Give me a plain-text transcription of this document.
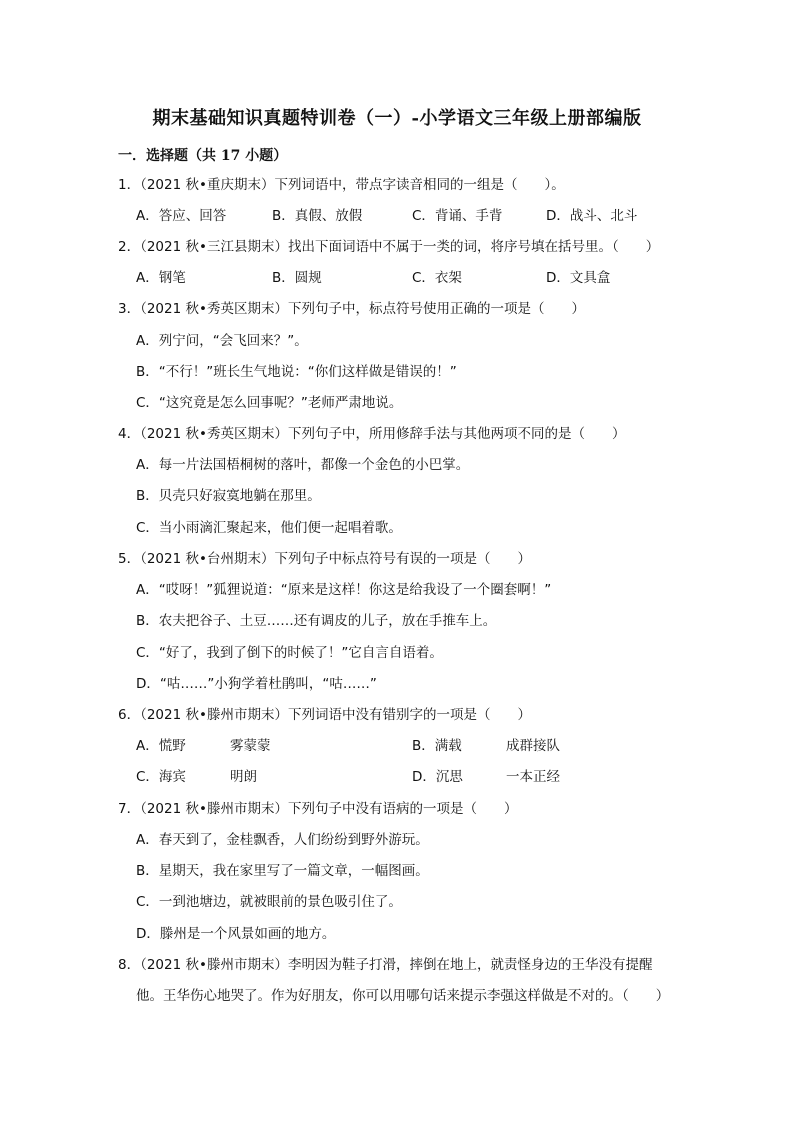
期末基础知识真题特训卷（一）-小学语文三年级上册部编版
一．选择题（共 17 小题）
1．（2021 秋•重庆期末）下列词语中，带点字读音相同的一组是（　　）。
A．答应、回答	B．真假、放假	C．背诵、手背	D．战斗、北斗
2．（2021 秋•三江县期末）找出下面词语中不属于一类的词，将序号填在括号里。（　　）
A．钢笔	B．圆规	C．衣架	D．文具盒
3．（2021 秋•秀英区期末）下列句子中，标点符号使用正确的一项是（　　）
A．列宁问，“会飞回来？”。
B．“不行！”班长生气地说：“你们这样做是错误的！”
C．“这究竟是怎么回事呢？”老师严肃地说。
4．（2021 秋•秀英区期末）下列句子中，所用修辞手法与其他两项不同的是（　　）
A．每一片法国梧桐树的落叶，都像一个金色的小巴掌。
B．贝壳只好寂寞地躺在那里。
C．当小雨滴汇聚起来，他们便一起唱着歌。
5．（2021 秋•台州期末）下列句子中标点符号有误的一项是（　　）
A．“哎呀！”狐狸说道：“原来是这样！你这是给我设了一个圈套啊！”
B．农夫把谷子、土豆……还有调皮的儿子，放在手推车上。
C．“好了，我到了倒下的时候了！”它自言自语着。
D．“咕……”小狗学着杜鹃叫，“咕……”
6．（2021 秋•滕州市期末）下列词语中没有错别字的一项是（　　）
A．慌野	雾蒙蒙	B．满载	成群接队
C．海宾	明朗	D．沉思	一本正经
7．（2021 秋•滕州市期末）下列句子中没有语病的一项是（　　）
A．春天到了，金桂飘香，人们纷纷到野外游玩。
B．星期天，我在家里写了一篇文章，一幅图画。
C．一到池塘边，就被眼前的景色吸引住了。
D．滕州是一个风景如画的地方。
8．（2021 秋•滕州市期末）李明因为鞋子打滑，摔倒在地上，就责怪身边的王华没有提醒
他。王华伤心地哭了。作为好朋友，你可以用哪句话来提示李强这样做是不对的。（　　）
